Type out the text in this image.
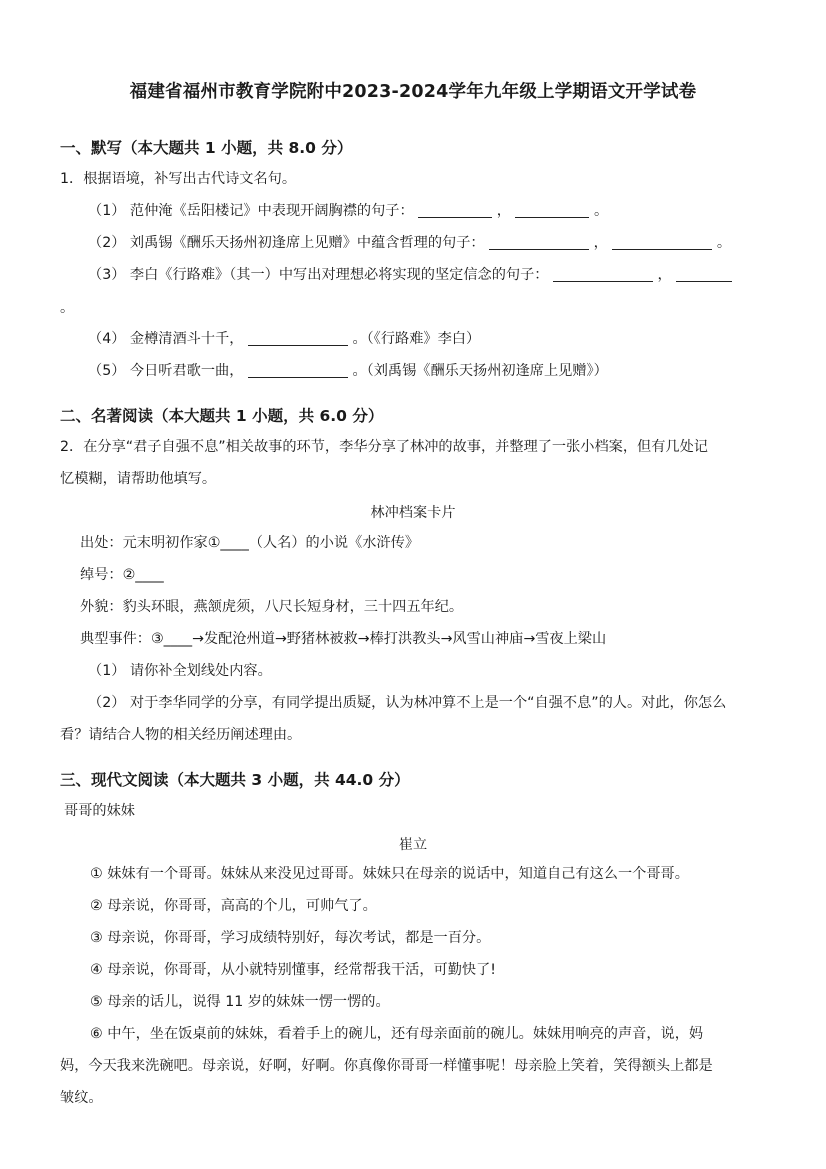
福建省福州市教育学院附中2023-2024学年九年级上学期语文开学试卷
一、默写（本大题共 1 小题，共 8.0 分）
1．根据语境，补写出古代诗文名句。
（1） 范仲淹《岳阳楼记》中表现开阔胸襟的句子：	，	。
（2） 刘禹锡《酬乐天扬州初逢席上见赠》中蕴含哲理的句子：	，	。
（3） 李白《行路难》（其一）中写出对理想必将实现的坚定信念的句子：	，
。
（4） 金樽清酒斗十千，	。（《行路难》李白）
（5） 今日听君歌一曲，	。（刘禹锡《酬乐天扬州初逢席上见赠》）
二、名著阅读（本大题共 1 小题，共 6.0 分）
2．在分享“君子自强不息”相关故事的环节，李华分享了林冲的故事，并整理了一张小档案，但有几处记
忆模糊，请帮助他填写。
林冲档案卡片
出处：元末明初作家①____（人名）的小说《水浒传》
绰号：②____
外貌：豹头环眼，燕颔虎须，八尺长短身材，三十四五年纪。
典型事件：③____→发配沧州道→野猪林被救→棒打洪教头→风雪山神庙→雪夜上梁山
（1） 请你补全划线处内容。
（2） 对于李华同学的分享，有同学提出质疑，认为林冲算不上是一个“自强不息”的人。对此，你怎么
看？请结合人物的相关经历阐述理由。
三、现代文阅读（本大题共 3 小题，共 44.0 分）
哥哥的妹妹
崔立
① 妹妹有一个哥哥。妹妹从来没见过哥哥。妹妹只在母亲的说话中，知道自己有这么一个哥哥。
② 母亲说，你哥哥，高高的个儿，可帅气了。
③ 母亲说，你哥哥，学习成绩特别好，每次考试，都是一百分。
④ 母亲说，你哥哥，从小就特别懂事，经常帮我干活，可勤快了!
⑤ 母亲的话儿，说得 11 岁的妹妹一愣一愣的。
⑥ 中午，坐在饭桌前的妹妹，看着手上的碗儿，还有母亲面前的碗儿。妹妹用响亮的声音，说，妈
妈，今天我来洗碗吧。母亲说，好啊，好啊。你真像你哥哥一样懂事呢！母亲脸上笑着，笑得额头上都是
皱纹。
